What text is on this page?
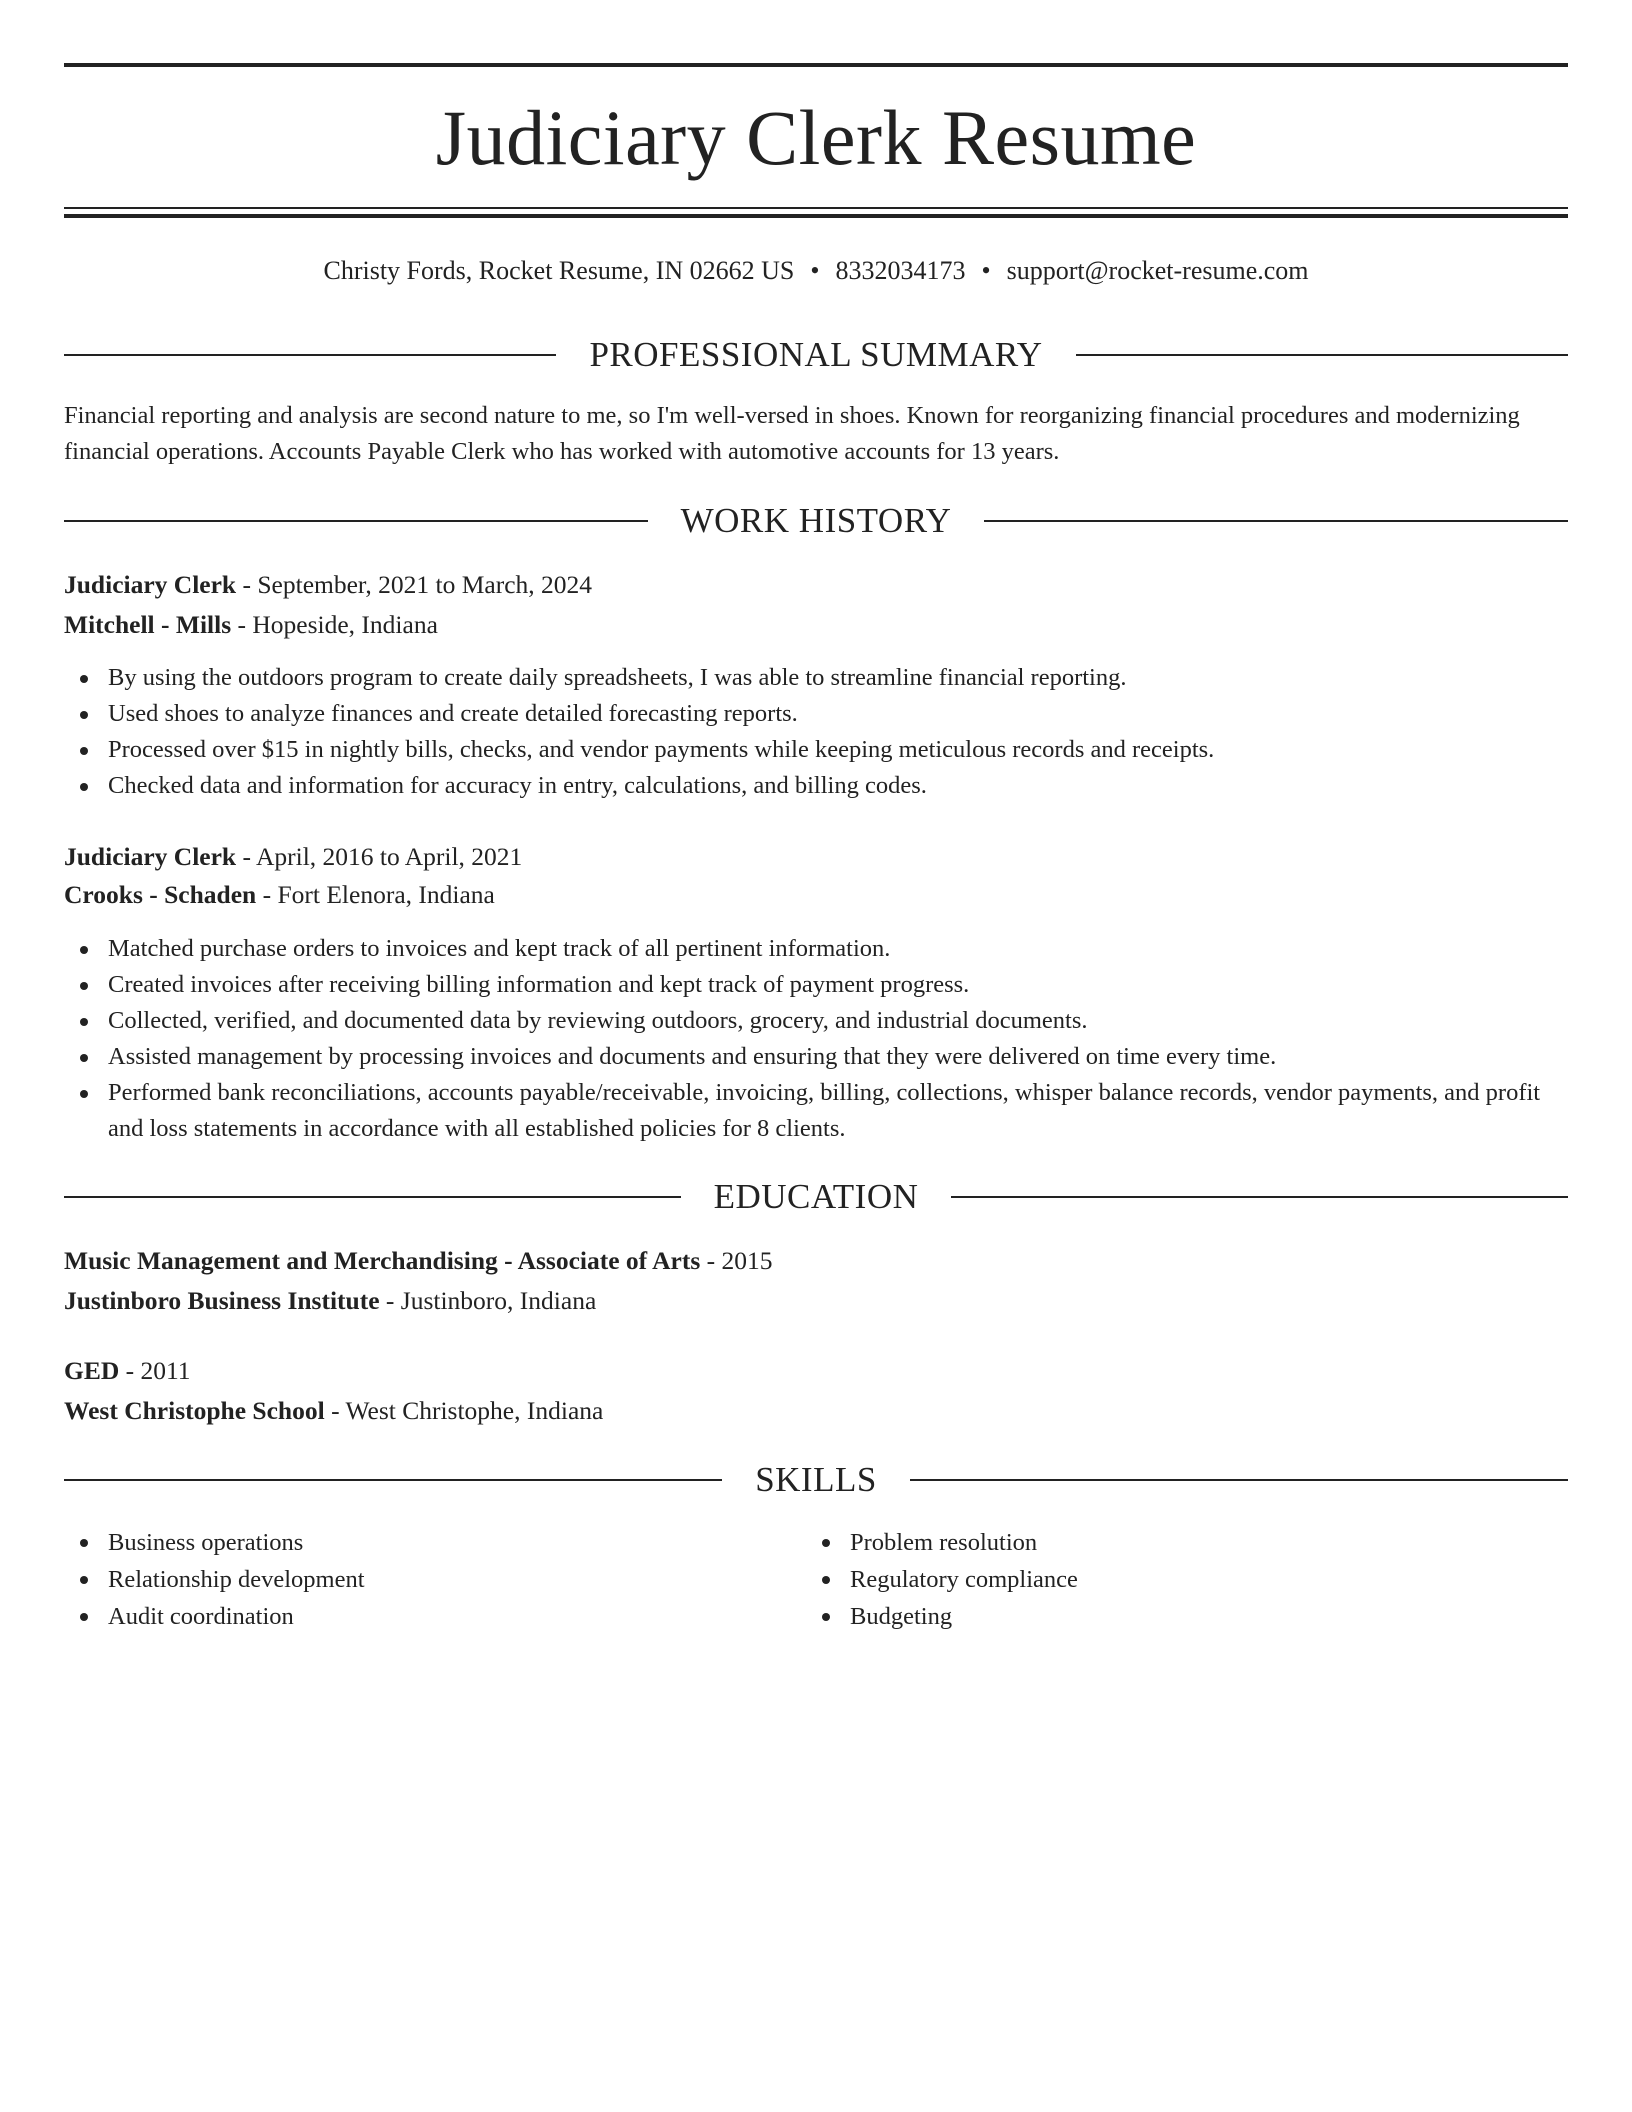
Judiciary Clerk Resume
Christy Fords, Rocket Resume, IN 02662 US • 8332034173 • support@rocket-resume.com
PROFESSIONAL SUMMARY

Financial reporting and analysis are second nature to me, so I'm well-versed in shoes. Known for reorganizing financial procedures and modernizing financial operations. Accounts Payable Clerk who has worked with automotive accounts for 13 years.

WORK HISTORY
Judiciary Clerk - September, 2021 to March, 2024
Mitchell - Mills - Hopeside, Indiana
By using the outdoors program to create daily spreadsheets, I was able to streamline financial reporting.
Used shoes to analyze finances and create detailed forecasting reports.
Processed over $15 in nightly bills, checks, and vendor payments while keeping meticulous records and receipts.
Checked data and information for accuracy in entry, calculations, and billing codes.
Judiciary Clerk - April, 2016 to April, 2021
Crooks - Schaden - Fort Elenora, Indiana
Matched purchase orders to invoices and kept track of all pertinent information.
Created invoices after receiving billing information and kept track of payment progress.
Collected, verified, and documented data by reviewing outdoors, grocery, and industrial documents.
Assisted management by processing invoices and documents and ensuring that they were delivered on time every time.
Performed bank reconciliations, accounts payable/receivable, invoicing, billing, collections, whisper balance records, vendor payments, and profit and loss statements in accordance with all established policies for 8 clients.
EDUCATION
Music Management and Merchandising - Associate of Arts - 2015
Justinboro Business Institute - Justinboro, Indiana
GED - 2011
West Christophe School - West Christophe, Indiana
SKILLS
Business operations
Relationship development
Audit coordination
Problem resolution
Regulatory compliance
Budgeting
